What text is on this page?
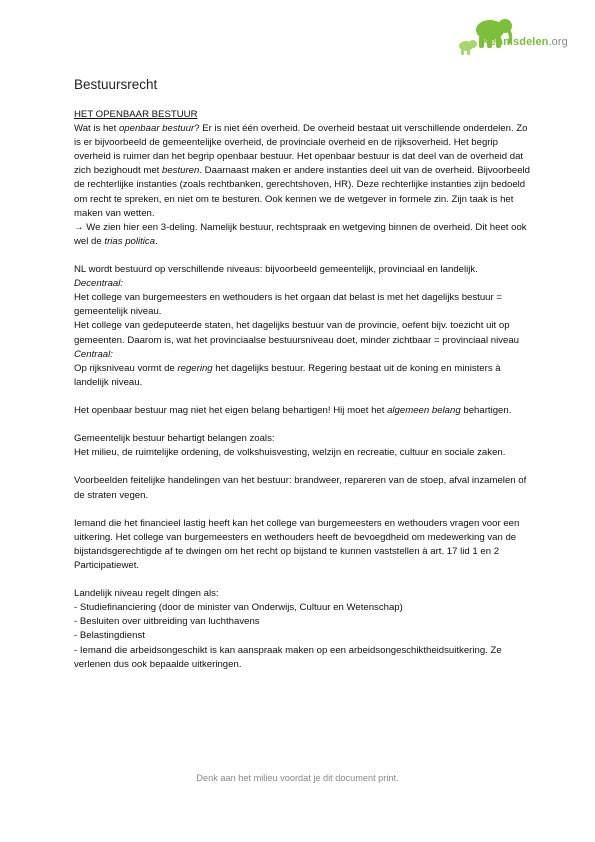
Kennisdelen.org
Bestuursrecht

HET OPENBAAR BESTUUR

Wat is het openbaar bestuur? Er is niet één overheid. De overheid bestaat uit verschillende onderdelen. Zo is er bijvoorbeeld de gemeentelijke overheid, de provinciale overheid en de rijksoverheid. Het begrip overheid is ruimer dan het begrip openbaar bestuur. Het openbaar bestuur is dat deel van de overheid dat zich bezighoudt met besturen. Daarnaast maken er andere instanties deel uit van de overheid. Bijvoorbeeld de rechterlijke instanties (zoals rechtbanken, gerechtshoven, HR). Deze rechterlijke instanties zijn bedoeld om recht te spreken, en niet om te besturen. Ook kennen we de wetgever in formele zin. Zijn taak is het maken van wetten.

→ We zien hier een 3-deling. Namelijk bestuur, rechtspraak en wetgeving binnen de overheid. Dit heet ook wel de trias politica.

NL wordt bestuurd op verschillende niveaus: bijvoorbeeld gemeentelijk, provinciaal en landelijk.

Decentraal:

Het college van burgemeesters en wethouders is het orgaan dat belast is met het dagelijks bestuur = gemeentelijk niveau.

Het college van gedeputeerde staten, het dagelijks bestuur van de provincie, oefent bijv. toezicht uit op gemeenten. Daarom is, wat het provinciaalse bestuursniveau doet, minder zichtbaar = provinciaal niveau

Centraal:

Op rijksniveau vormt de regering het dagelijks bestuur. Regering bestaat uit de koning en ministers à landelijk niveau.

Het openbaar bestuur mag niet het eigen belang behartigen! Hij moet het algemeen belang behartigen.

Gemeentelijk bestuur behartigt belangen zoals:

Het milieu, de ruimtelijke ordening, de volkshuisvesting, welzijn en recreatie, cultuur en sociale zaken.

Voorbeelden feitelijke handelingen van het bestuur: brandweer, repareren van de stoep, afval inzamelen of de straten vegen.

Iemand die het financieel lastig heeft kan het college van burgemeesters en wethouders vragen voor een uitkering. Het college van burgemeesters en wethouders heeft de bevoegdheid om medewerking van de bijstandsgerechtigde af te dwingen om het recht op bijstand te kunnen vaststellen à art. 17 lid 1 en 2 Participatiewet.

Landelijk niveau regelt dingen als:

- Studiefinanciering (door de minister van Onderwijs, Cultuur en Wetenschap)

- Besluiten over uitbreiding van luchthavens

- Belastingdienst

- Iemand die arbeidsongeschikt is kan aanspraak maken op een arbeidsongeschiktheidsuitkering. Ze verlenen dus ook bepaalde uitkeringen.

Denk aan het milieu voordat je dit document print.
